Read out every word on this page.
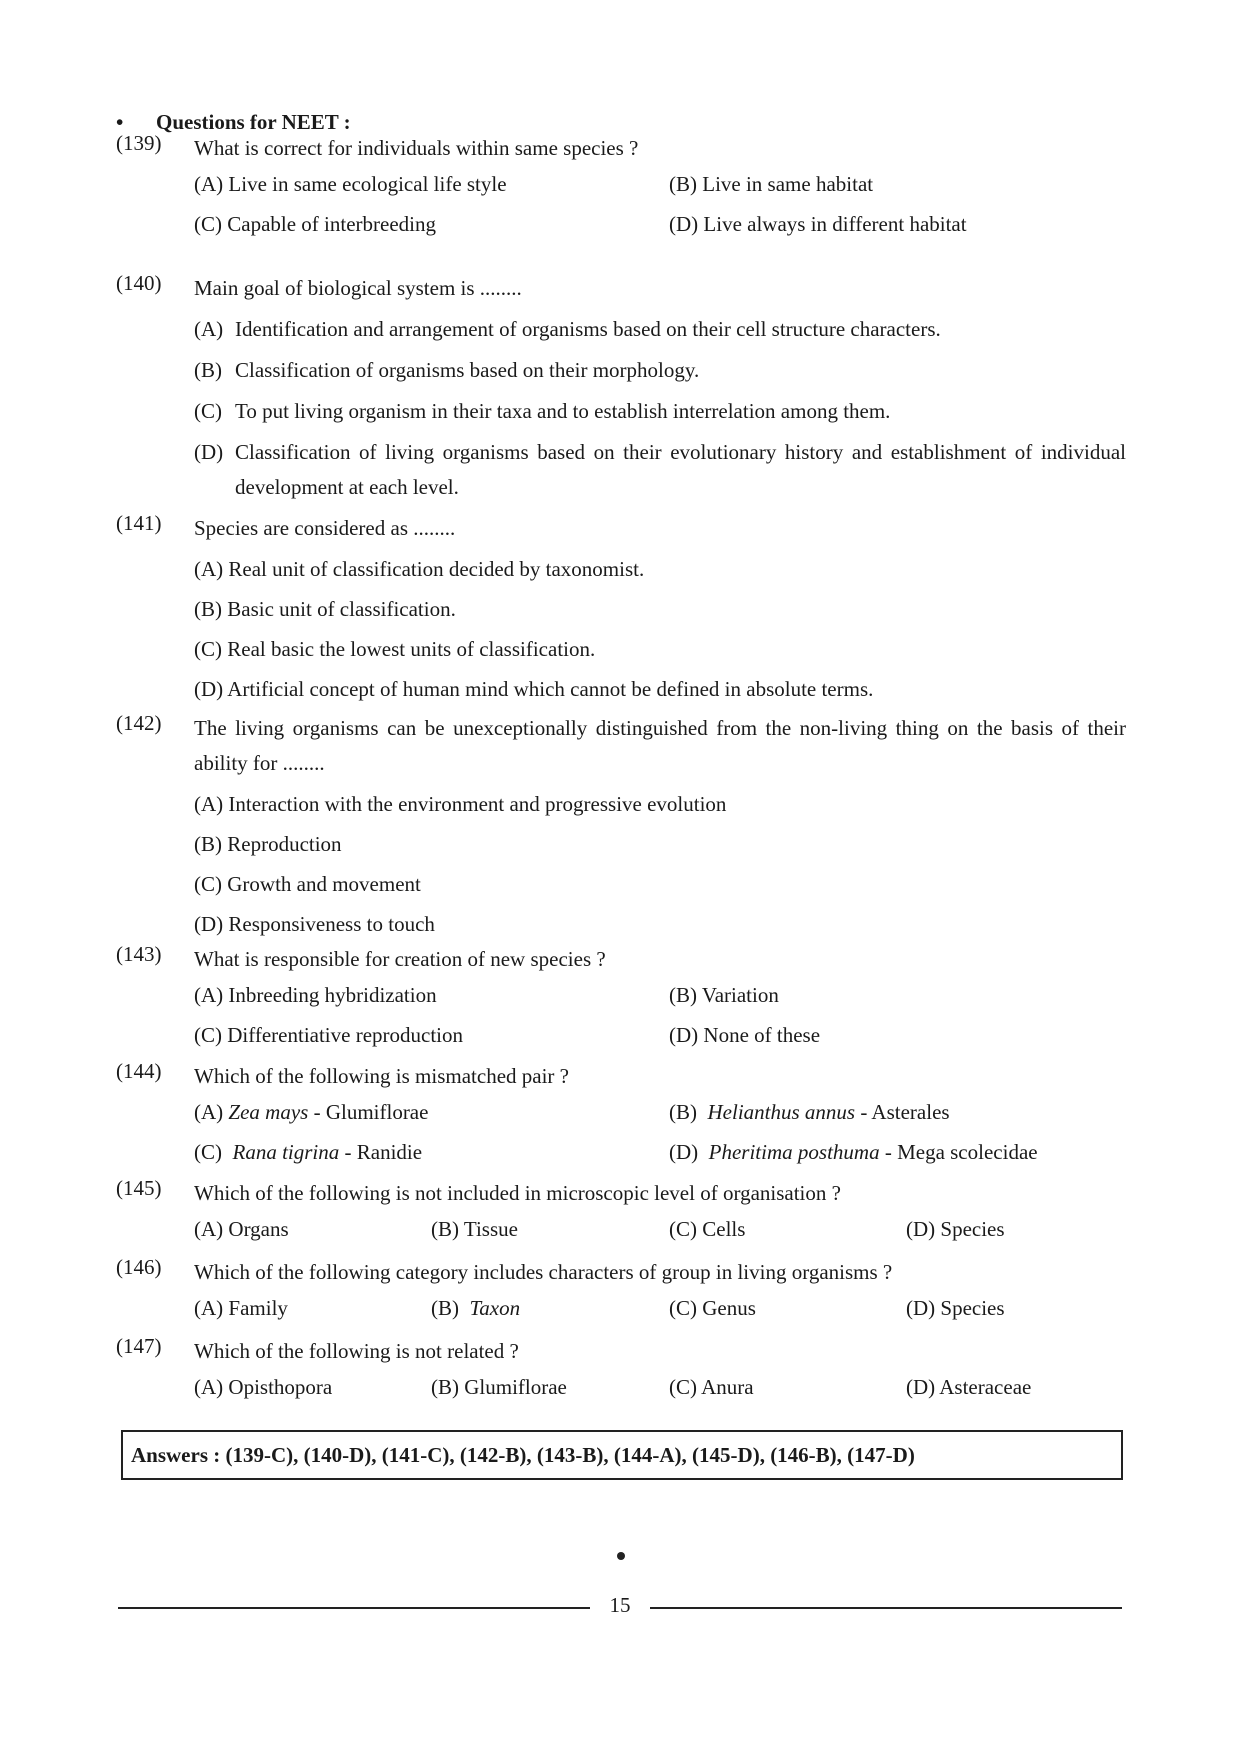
• Questions for NEET :
(139)	What is correct for individuals within same species ?
(A) Live in same ecological life style	(B) Live in same habitat
(C) Capable of interbreeding	(D) Live always in different habitat
(140)	Main goal of biological system is ........
(A) Identification and arrangement of organisms based on their cell structure characters.
(B) Classification of organisms based on their morphology.
(C) To put living organism in their taxa and to establish interrelation among them.
(D) Classification of living organisms based on their evolutionary history and establishment of individual development at each level.
(141)	Species are considered as ........
(A) Real unit of classification decided by taxonomist.
(B) Basic unit of classification.
(C) Real basic the lowest units of classification.
(D) Artificial concept of human mind which cannot be defined in absolute terms.
(142)	The living organisms can be unexceptionally distinguished from the non-living thing on the basis of their ability for ........
(A) Interaction with the environment and progressive evolution
(B) Reproduction
(C) Growth and movement
(D) Responsiveness to touch
(143)	What is responsible for creation of new species ?
(A) Inbreeding hybridization	(B) Variation
(C) Differentiative reproduction	(D) None of these
(144)	Which of the following is mismatched pair ?
(A) Zea mays - Glumiflorae	(B) Helianthus annus - Asterales
(C) Rana tigrina - Ranidie	(D) Pheritima posthuma - Mega scolecidae
(145)	Which of the following is not included in microscopic level of organisation ?
(A) Organs	(B) Tissue	(C) Cells	(D) Species
(146)	Which of the following category includes characters of group in living organisms ?
(A) Family	(B) Taxon	(C) Genus	(D) Species
(147)	Which of the following is not related ?
(A) Opisthopora	(B) Glumiflorae	(C) Anura	(D) Asteraceae
Answers : (139-C), (140-D), (141-C), (142-B), (143-B), (144-A), (145-D), (146-B), (147-D)
15
